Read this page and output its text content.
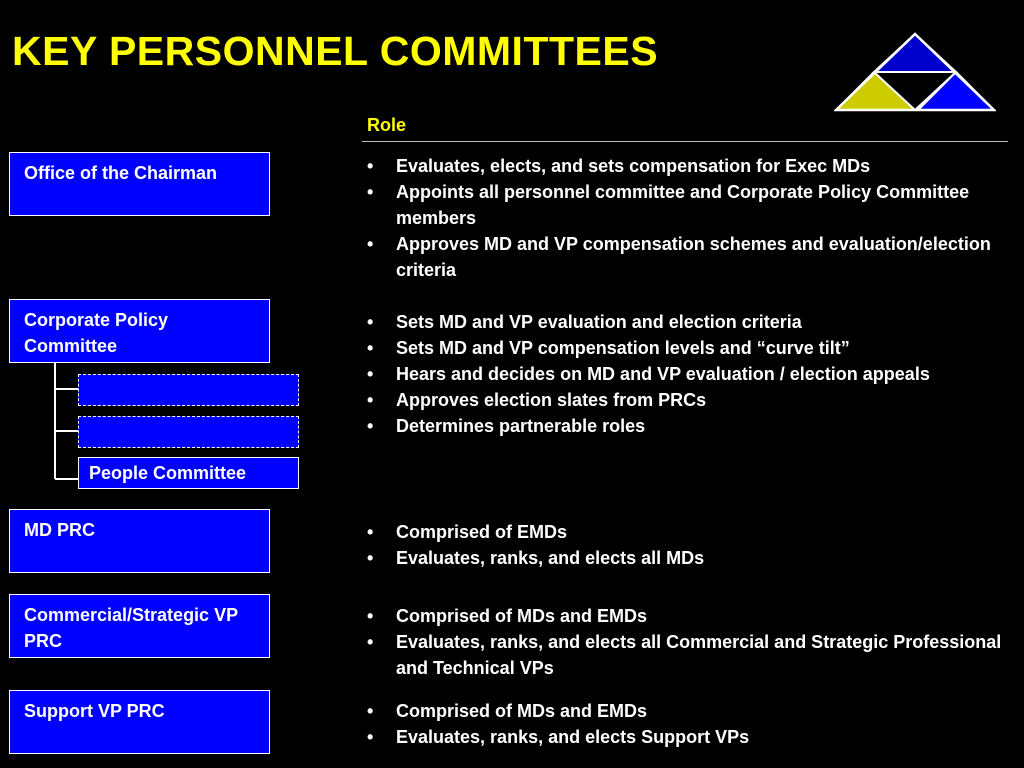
KEY PERSONNEL COMMITTEES
Role
Office of the Chairman
Corporate Policy Committee
People Committee
MD PRC
Commercial/Strategic VP PRC
Support VP PRC
• Evaluates, elects, and sets compensation for Exec MDs
• Appoints all personnel committee and Corporate Policy Committee members
• Approves MD and VP compensation schemes and evaluation/election criteria
• Sets MD and VP evaluation and election criteria
• Sets MD and VP compensation levels and “curve tilt”
• Hears and decides on MD and VP evaluation / election appeals
• Approves election slates from PRCs
• Determines partnerable roles
• Comprised of EMDs
• Evaluates, ranks, and elects all MDs
• Comprised of MDs and EMDs
• Evaluates, ranks, and elects all Commercial and Strategic Professional and Technical VPs
• Comprised of MDs and EMDs
• Evaluates, ranks, and elects Support VPs
